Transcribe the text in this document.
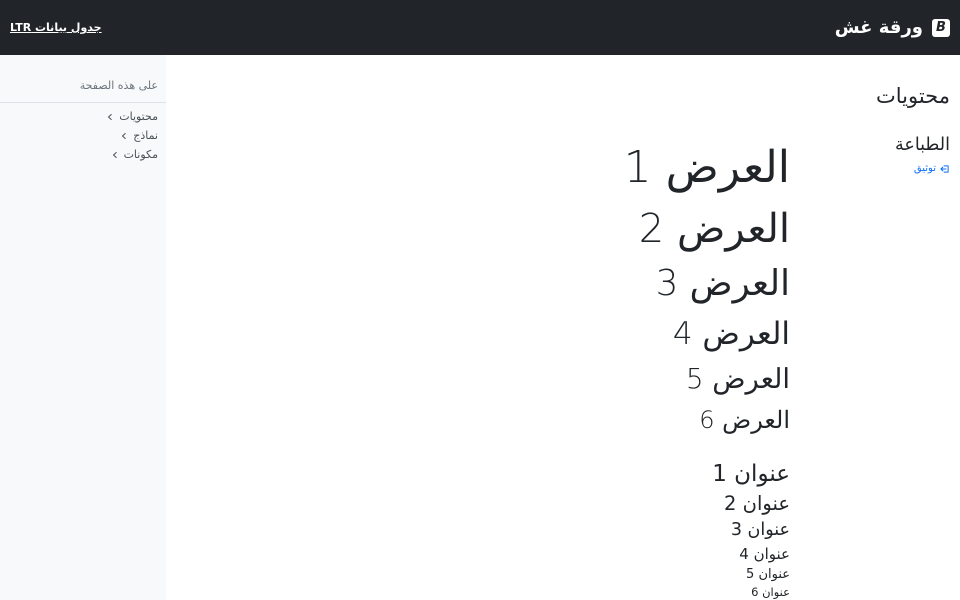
B
ورقة غش
جدول بيانات LTR
محتويات
الطباعة
توثيق

العرض 1

العرض 2

العرض 3

العرض 4

العرض 5

العرض 6

عنوان 1
عنوان 2
عنوان 3
عنوان 4
عنوان 5
عنوان 6
على هذه الصفحة
محتويات
نماذج
مكونات
